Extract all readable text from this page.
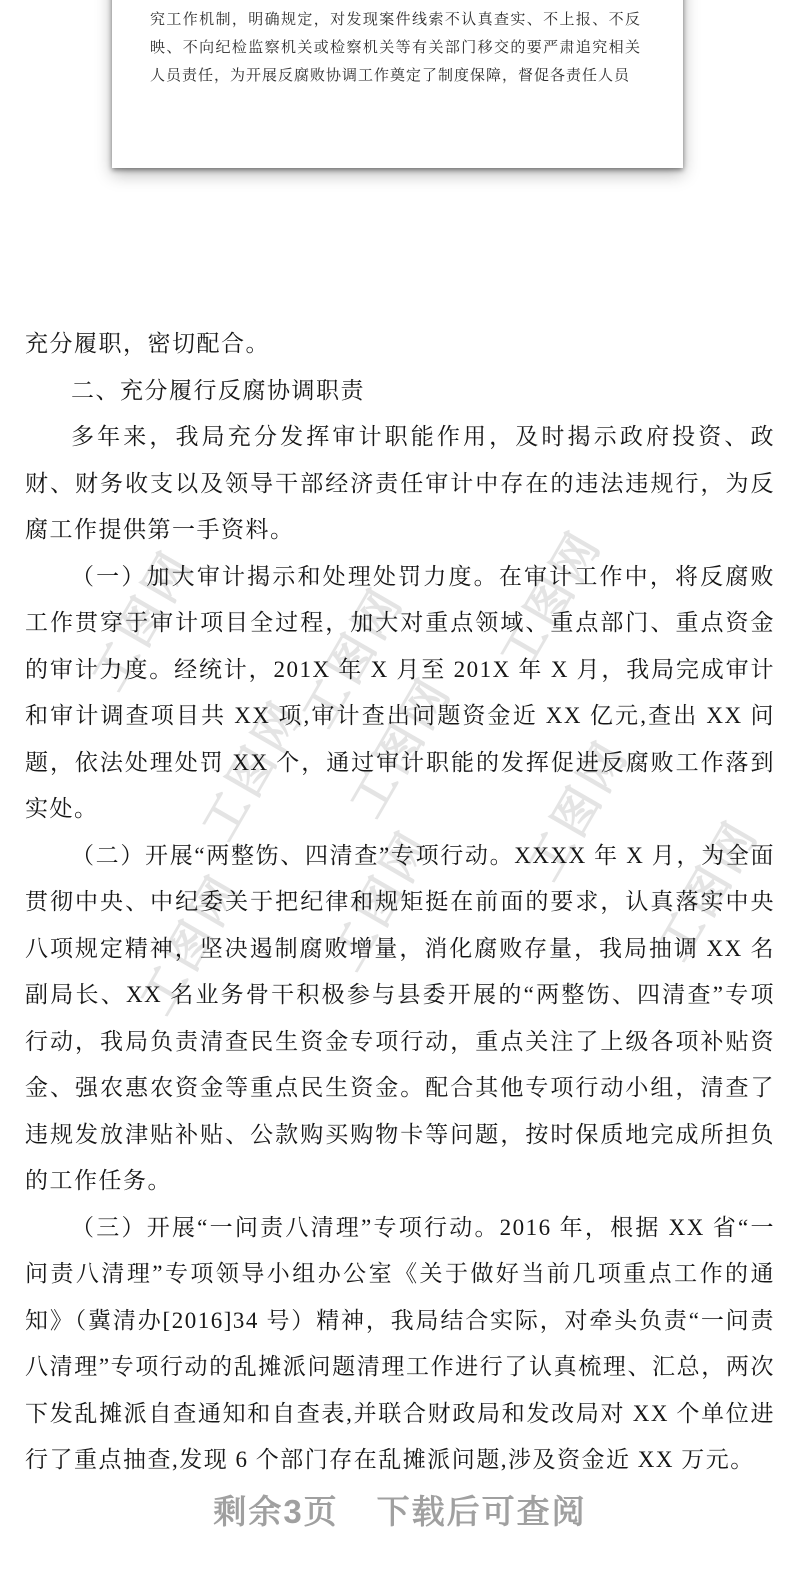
究工作机制，明确规定，对发现案件线索不认真查实、不上报、不反映、不向纪检监察机关或检察机关等有关部门移交的要严肃追究相关人员责任，为开展反腐败协调工作奠定了制度保障，督促各责任人员

工图网 工图网 工图网
工图网 工图网 工图网
工图网
工图网	工图网

充分履职，密切配合。

二、充分履行反腐协调职责

多年来，我局充分发挥审计职能作用，及时揭示政府投资、政财、财务收支以及领导干部经济责任审计中存在的违法违规行，为反腐工作提供第一手资料。

（一）加大审计揭示和处理处罚力度。在审计工作中，将反腐败工作贯穿于审计项目全过程，加大对重点领域、重点部门、重点资金的审计力度。经统计，201X 年 X 月至 201X 年 X 月，我局完成审计和审计调查项目共 XX 项,审计查出问题资金近 XX 亿元,查出 XX 问题，依法处理处罚 XX 个，通过审计职能的发挥促进反腐败工作落到实处。

（二）开展“两整饬、四清查”专项行动。XXXX 年 X 月，为全面贯彻中央、中纪委关于把纪律和规矩挺在前面的要求，认真落实中央八项规定精神，坚决遏制腐败增量，消化腐败存量，我局抽调 XX 名副局长、XX 名业务骨干积极参与县委开展的“两整饬、四清查”专项行动，我局负责清查民生资金专项行动，重点关注了上级各项补贴资金、强农惠农资金等重点民生资金。配合其他专项行动小组，清查了违规发放津贴补贴、公款购买购物卡等问题，按时保质地完成所担负的工作任务。

（三）开展“一问责八清理”专项行动。2016 年，根据 XX 省“一问责八清理”专项领导小组办公室《关于做好当前几项重点工作的通知》（冀清办[2016]34 号）精神，我局结合实际，对牵头负责“一问责八清理”专项行动的乱摊派问题清理工作进行了认真梳理、汇总，两次下发乱摊派自查通知和自查表,并联合财政局和发改局对 XX 个单位进行了重点抽查,发现 6 个部门存在乱摊派问题,涉及资金近 XX 万元。

剩余3页 下载后可查阅
